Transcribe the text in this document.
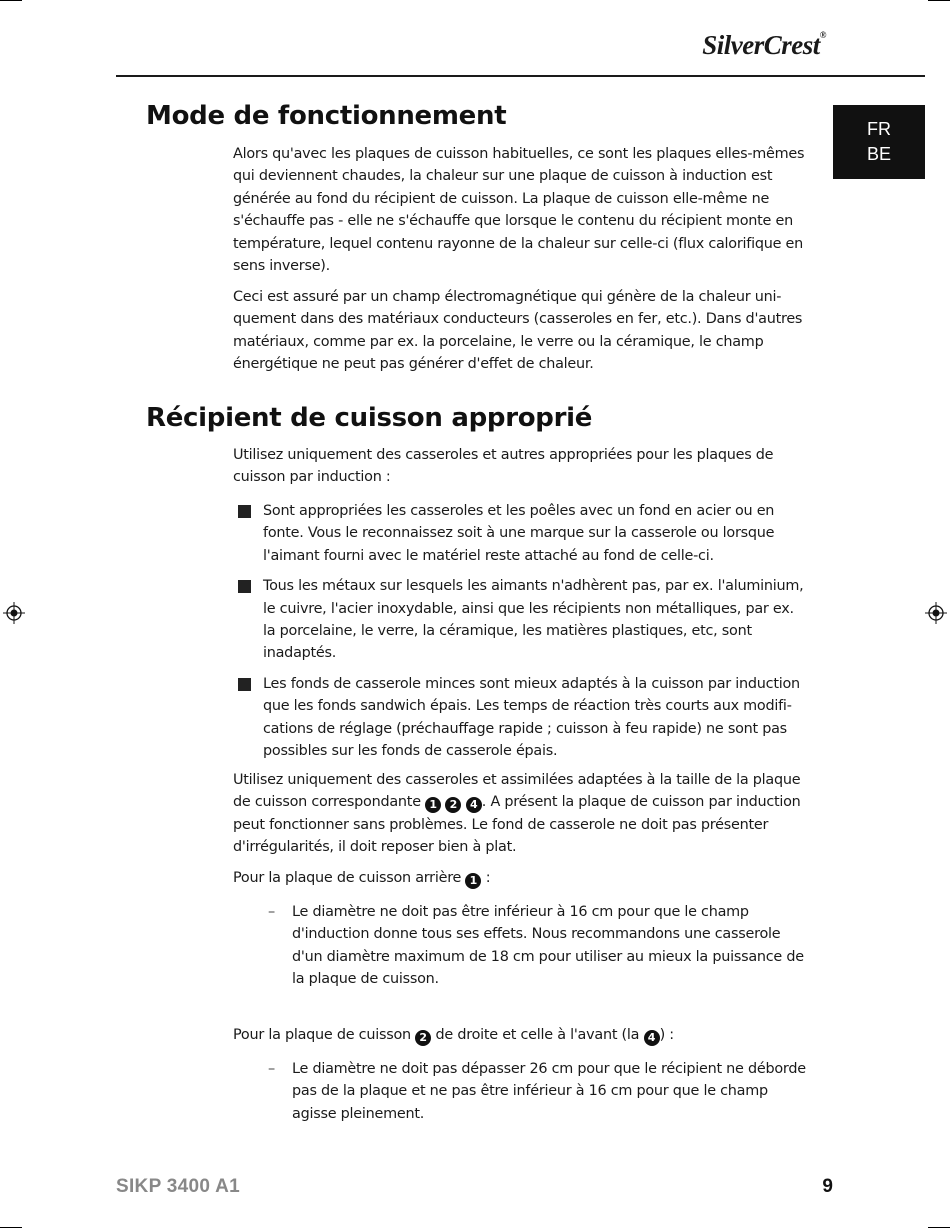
SilverCrest®
FR
BE
Mode de fonctionnement

Alors qu'avec les plaques de cuisson habituelles, ce sont les plaques elles-mêmes qui deviennent chaudes, la chaleur sur une plaque de cuisson à induction est générée au fond du récipient de cuisson. La plaque de cuisson elle-même ne s'échauffe pas - elle ne s'échauffe que lorsque le contenu du récipient monte en température, lequel contenu rayonne de la chaleur sur celle-ci (flux calorifique en sens inverse).

Ceci est assuré par un champ électromagnétique qui génère de la chaleur uniquement dans des matériaux conducteurs (casseroles en fer, etc.). Dans d'autres matériaux, comme par ex. la porcelaine, le verre ou la céramique, le champ énergétique ne peut pas générer d'effet de chaleur.

Récipient de cuisson approprié

Utilisez uniquement des casseroles et autres appropriées pour les plaques de cuisson par induction :

Sont appropriées les casseroles et les poêles avec un fond en acier ou en fonte. Vous le reconnaissez soit à une marque sur la casserole ou lorsque l'aimant fourni avec le matériel reste attaché au fond de celle-ci.
Tous les métaux sur lesquels les aimants n'adhèrent pas, par ex. l'aluminium, le cuivre, l'acier inoxydable, ainsi que les récipients non métalliques, par ex. la porcelaine, le verre, la céramique, les matières plastiques, etc, sont inadaptés.
Les fonds de casserole minces sont mieux adaptés à la cuisson par induction que les fonds sandwich épais. Les temps de réaction très courts aux modifications de réglage (préchauffage rapide ; cuisson à feu rapide) ne sont pas possibles sur les fonds de casserole épais.

Utilisez uniquement des casseroles et assimilées adaptées à la taille de la plaque de cuisson correspondante 1 2 4 . A présent la plaque de cuisson par induction peut fonctionner sans problèmes. Le fond de casserole ne doit pas présenter d'irrégularités, il doit reposer bien à plat.

Pour la plaque de cuisson arrière 1 :

– Le diamètre ne doit pas être inférieur à 16 cm pour que le champ d'induction donne tous ses effets. Nous recommandons une casserole d'un diamètre maximum de 18 cm pour utiliser au mieux la puissance de la plaque de cuisson.

Pour la plaque de cuisson 2 de droite et celle à l'avant (la 4 ) :

– Le diamètre ne doit pas dépasser 26 cm pour que le récipient ne déborde pas de la plaque et ne pas être inférieur à 16 cm pour que le champ agisse pleinement.
SIKP 3400 A1	9
